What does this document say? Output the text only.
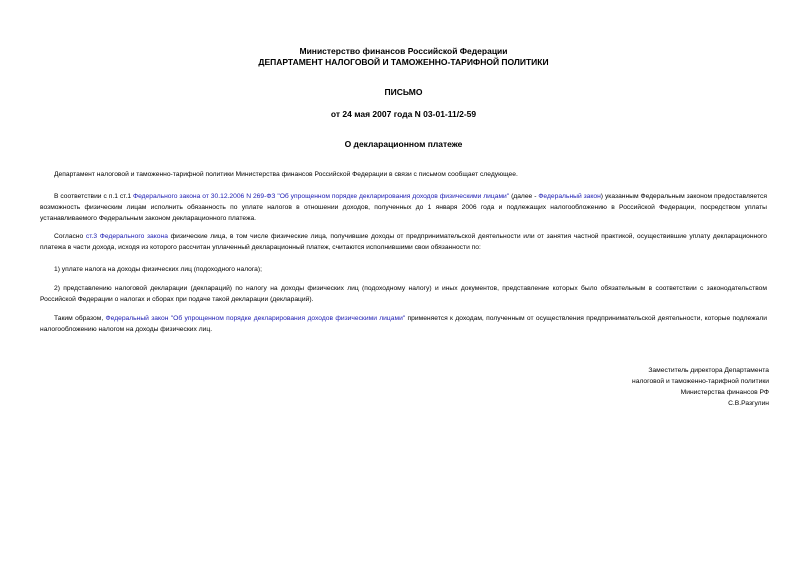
Министерство финансов Российской Федерации
ДЕПАРТАМЕНТ НАЛОГОВОЙ И ТАМОЖЕННО-ТАРИФНОЙ ПОЛИТИКИ
ПИСЬМО
от 24 мая 2007 года N 03-01-11/2-59
О декларационном платеже

Департамент налоговой и таможенно-тарифной политики Министерства финансов Российской Федерации в связи с письмом сообщает следующее.

В соответствии с п.1 ст.1 Федерального закона от 30.12.2006 N 269-ФЗ "Об упрощенном порядке декларирования доходов физическими лицами" (далее - Федеральный закон) указанным Федеральным законом предоставляется возможность физическим лицам исполнить обязанность по уплате налогов в отношении доходов, полученных до 1 января 2006 года и подлежащих налогообложению в Российской Федерации, посредством уплаты устанавливаемого Федеральным законом декларационного платежа.

Согласно ст.3 Федерального закона физические лица, в том числе физические лица, получившие доходы от предпринимательской деятельности или от занятия частной практикой, осуществившие уплату декларационного платежа в части дохода, исходя из которого рассчитан уплаченный декларационный платеж, считаются исполнившими свои обязанности по:

1) уплате налога на доходы физических лиц (подоходного налога);

2) представлению налоговой декларации (деклараций) по налогу на доходы физических лиц (подоходному налогу) и иных документов, представление которых было обязательным в соответствии с законодательством Российской Федерации о налогах и сборах при подаче такой декларации (деклараций).

Таким образом, Федеральный закон "Об упрощенном порядке декларирования доходов физическими лицами" применяется к доходам, полученным от осуществления предпринимательской деятельности, которые подлежали налогообложению налогом на доходы физических лиц.

Заместитель директора Департамента
налоговой и таможенно-тарифной политики
Министерства финансов РФ
С.В.Разгулин
